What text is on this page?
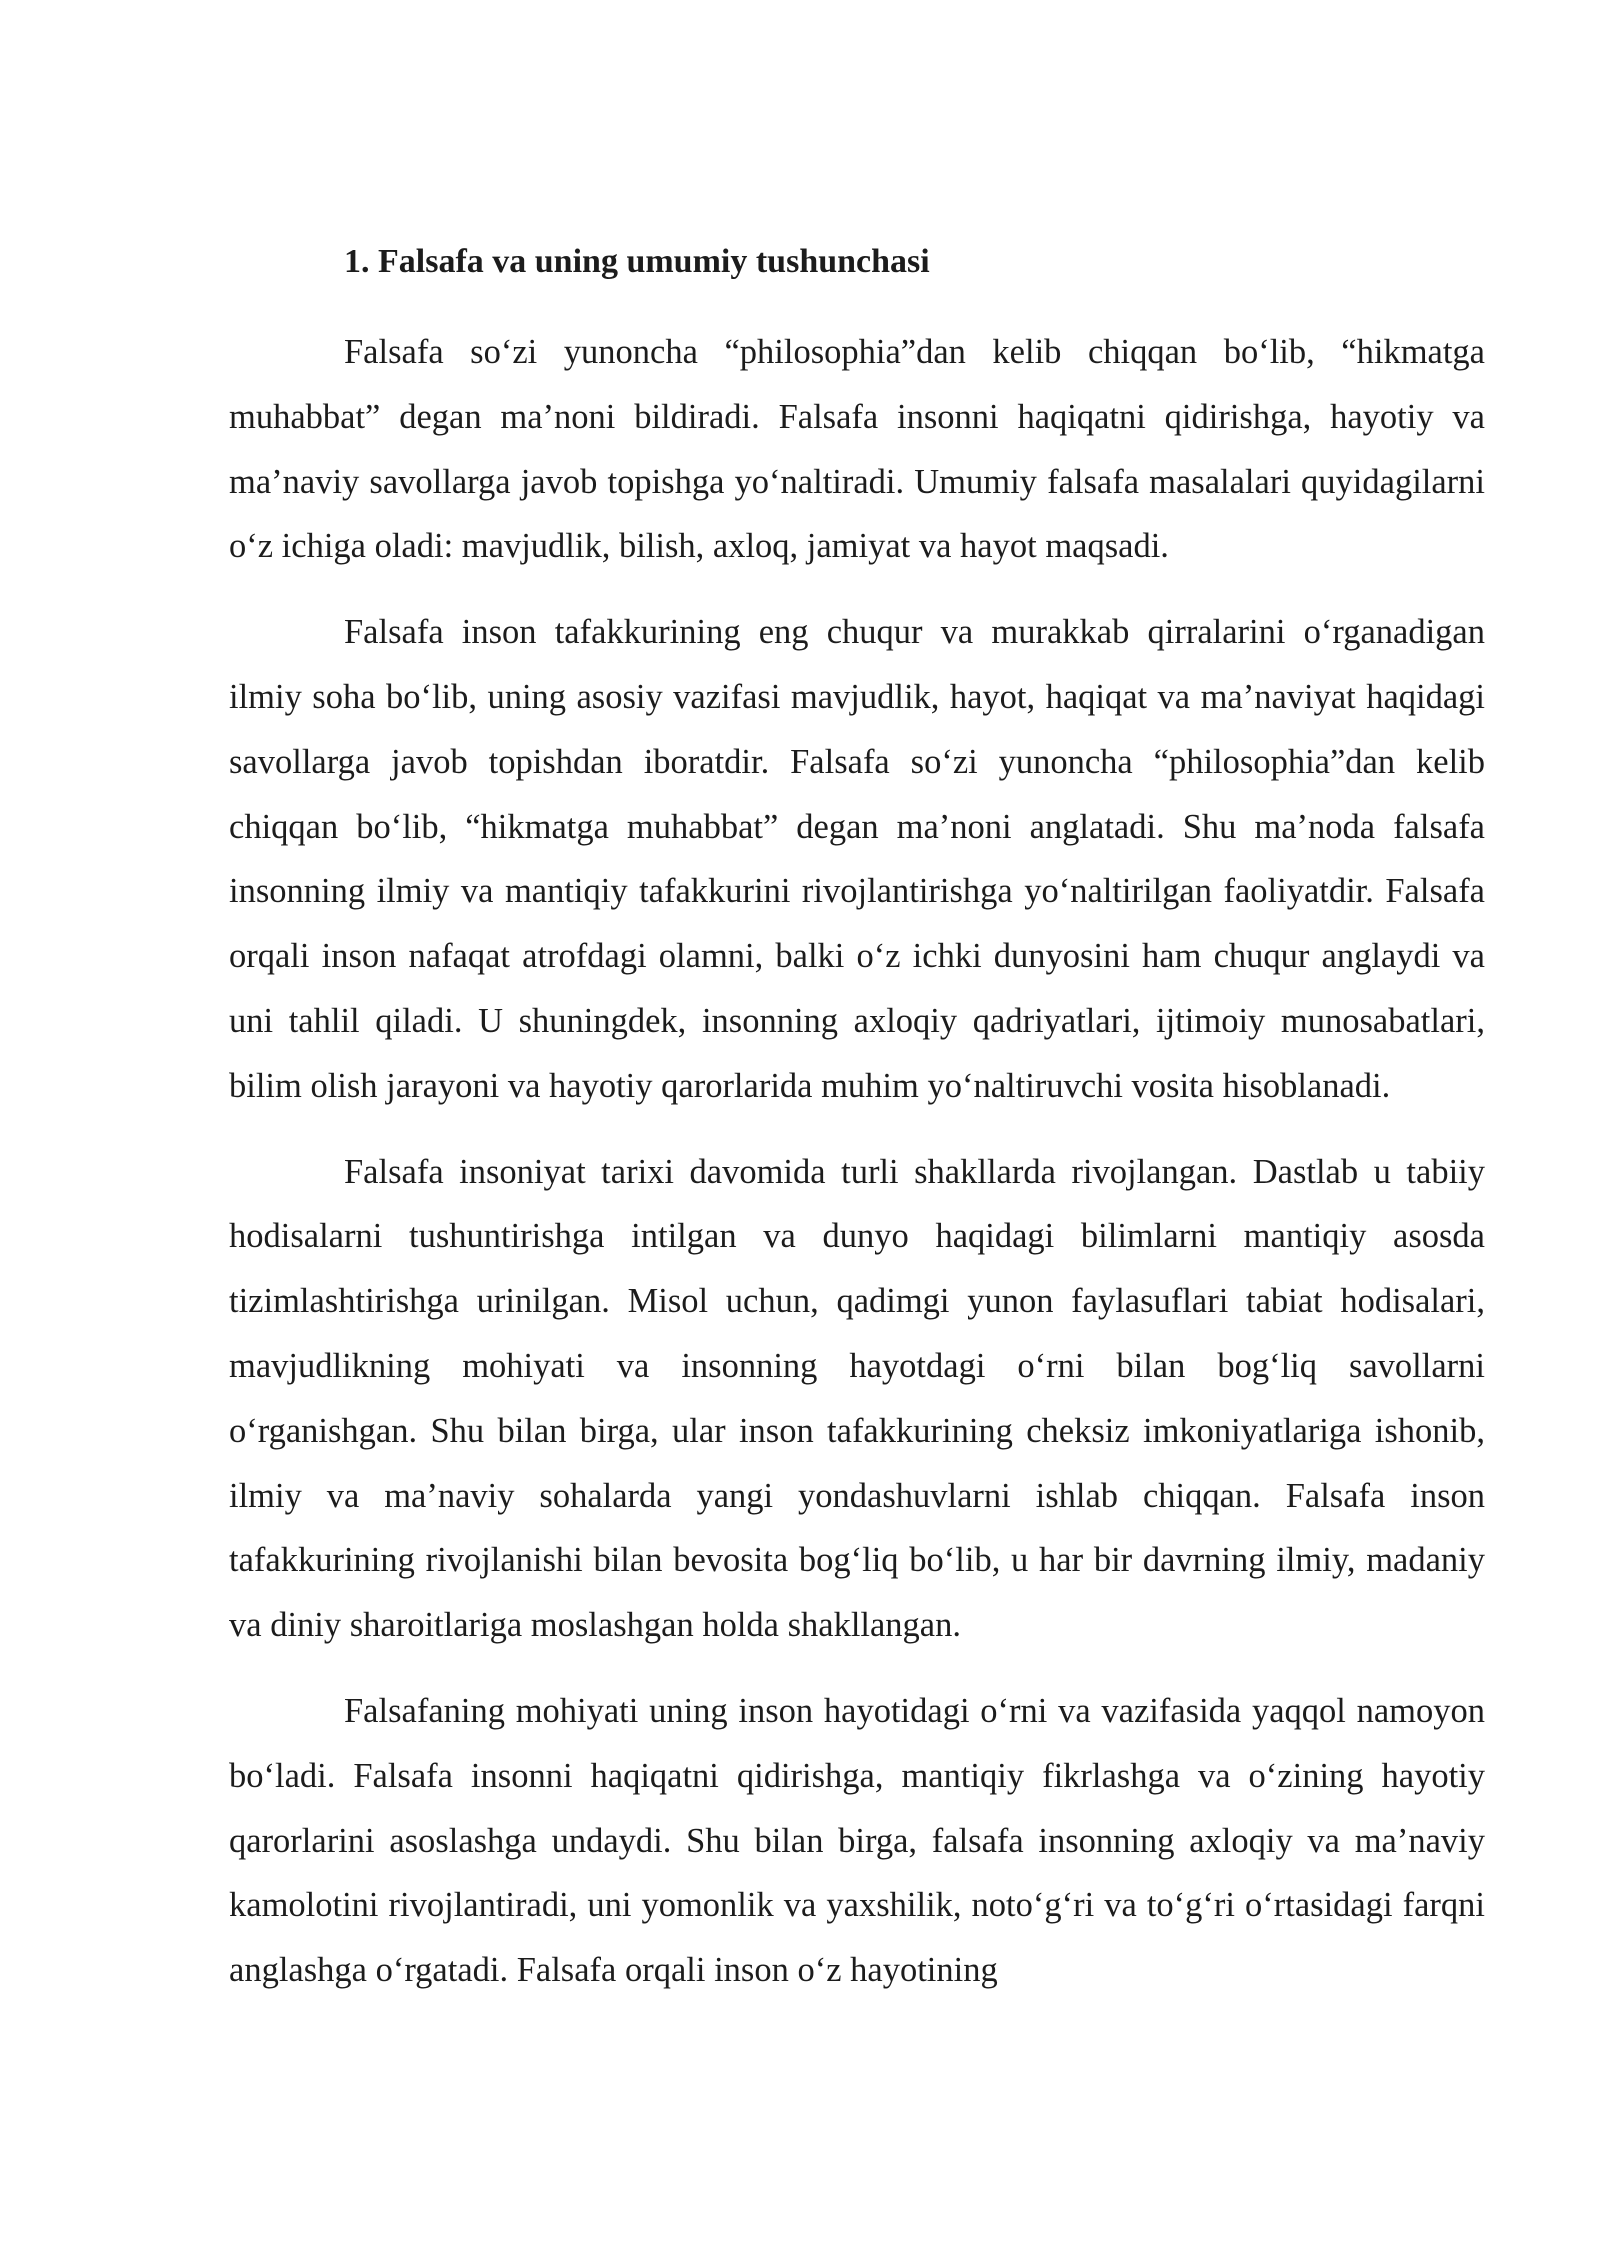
1. Falsafa va uning umumiy tushunchasi

Falsafa so‘zi yunoncha “philosophia”dan kelib chiqqan bo‘lib, “hikmatga muhabbat” degan ma’noni bildiradi. Falsafa insonni haqiqatni qidirishga, hayotiy va ma’naviy savollarga javob topishga yo‘naltiradi. Umumiy falsafa masalalari quyidagilarni o‘z ichiga oladi: mavjudlik, bilish, axloq, jamiyat va hayot maqsadi.

Falsafa inson tafakkurining eng chuqur va murakkab qirralarini o‘rganadigan ilmiy soha bo‘lib, uning asosiy vazifasi mavjudlik, hayot, haqiqat va ma’naviyat haqidagi savollarga javob topishdan iboratdir. Falsafa so‘zi yunoncha “philosophia”dan kelib chiqqan bo‘lib, “hikmatga muhabbat” degan ma’noni anglatadi. Shu ma’noda falsafa insonning ilmiy va mantiqiy tafakkurini rivojlantirishga yo‘naltirilgan faoliyatdir. Falsafa orqali inson nafaqat atrofdagi olamni, balki o‘z ichki dunyosini ham chuqur anglaydi va uni tahlil qiladi. U shuningdek, insonning axloqiy qadriyatlari, ijtimoiy munosabatlari, bilim olish jarayoni va hayotiy qarorlarida muhim yo‘naltiruvchi vosita hisoblanadi.

Falsafa insoniyat tarixi davomida turli shakllarda rivojlangan. Dastlab u tabiiy hodisalarni tushuntirishga intilgan va dunyo haqidagi bilimlarni mantiqiy asosda tizimlashtirishga urinilgan. Misol uchun, qadimgi yunon faylasuflari tabiat hodisalari, mavjudlikning mohiyati va insonning hayotdagi o‘rni bilan bog‘liq savollarni o‘rganishgan. Shu bilan birga, ular inson tafakkurining cheksiz imkoniyatlariga ishonib, ilmiy va ma’naviy sohalarda yangi yondashuvlarni ishlab chiqqan. Falsafa inson tafakkurining rivojlanishi bilan bevosita bog‘liq bo‘lib, u har bir davrning ilmiy, madaniy va diniy sharoitlariga moslashgan holda shakllangan.

Falsafaning mohiyati uning inson hayotidagi o‘rni va vazifasida yaqqol namoyon bo‘ladi. Falsafa insonni haqiqatni qidirishga, mantiqiy fikrlashga va o‘zining hayotiy qarorlarini asoslashga undaydi. Shu bilan birga, falsafa insonning axloqiy va ma’naviy kamolotini rivojlantiradi, uni yomonlik va yaxshilik, noto‘g‘ri va to‘g‘ri o‘rtasidagi farqni anglashga o‘rgatadi. Falsafa orqali inson o‘z hayotining
